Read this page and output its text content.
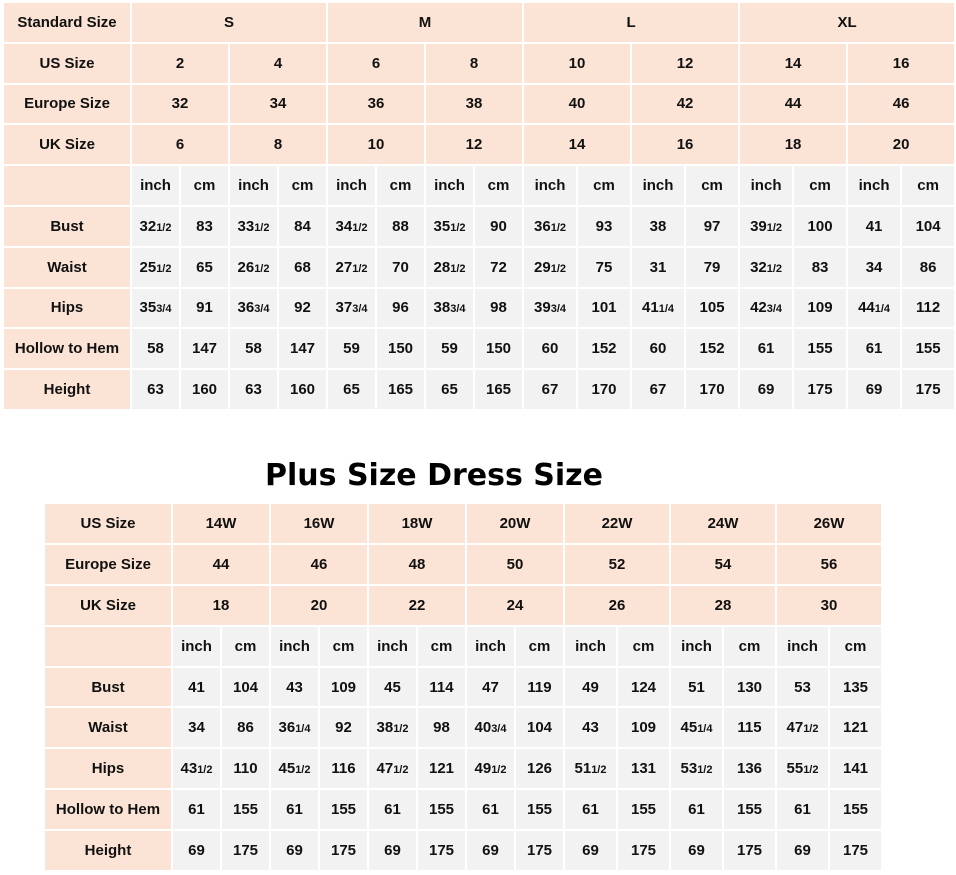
Standard Size	S				M				L				XL			
US Size	2		4		6		8		10		12		14		16	
Europe Size	32		34		36		38		40		42		44		46	
UK Size	6		8		10		12		14		16		18		20	
	inch	cm	inch	cm	inch	cm	inch	cm	inch	cm	inch	cm	inch	cm	inch	cm
Bust	321/2	83	331/2	84	341/2	88	351/2	90	361/2	93	38	97	391/2	100	41	104
Waist	251/2	65	261/2	68	271/2	70	281/2	72	291/2	75	31	79	321/2	83	34	86
Hips	353/4	91	363/4	92	373/4	96	383/4	98	393/4	101	411/4	105	423/4	109	441/4	112
Hollow to Hem	58	147	58	147	59	150	59	150	60	152	60	152	61	155	61	155
Height	63	160	63	160	65	165	65	165	67	170	67	170	69	175	69	175
Plus Size Dress Size
US Size	14W		16W		18W		20W		22W		24W		26W	
Europe Size	44		46		48		50		52		54		56	
UK Size	18		20		22		24		26		28		30	
	inch	cm	inch	cm	inch	cm	inch	cm	inch	cm	inch	cm	inch	cm
Bust	41	104	43	109	45	114	47	119	49	124	51	130	53	135
Waist	34	86	361/4	92	381/2	98	403/4	104	43	109	451/4	115	471/2	121
Hips	431/2	110	451/2	116	471/2	121	491/2	126	511/2	131	531/2	136	551/2	141
Hollow to Hem	61	155	61	155	61	155	61	155	61	155	61	155	61	155
Height	69	175	69	175	69	175	69	175	69	175	69	175	69	175
